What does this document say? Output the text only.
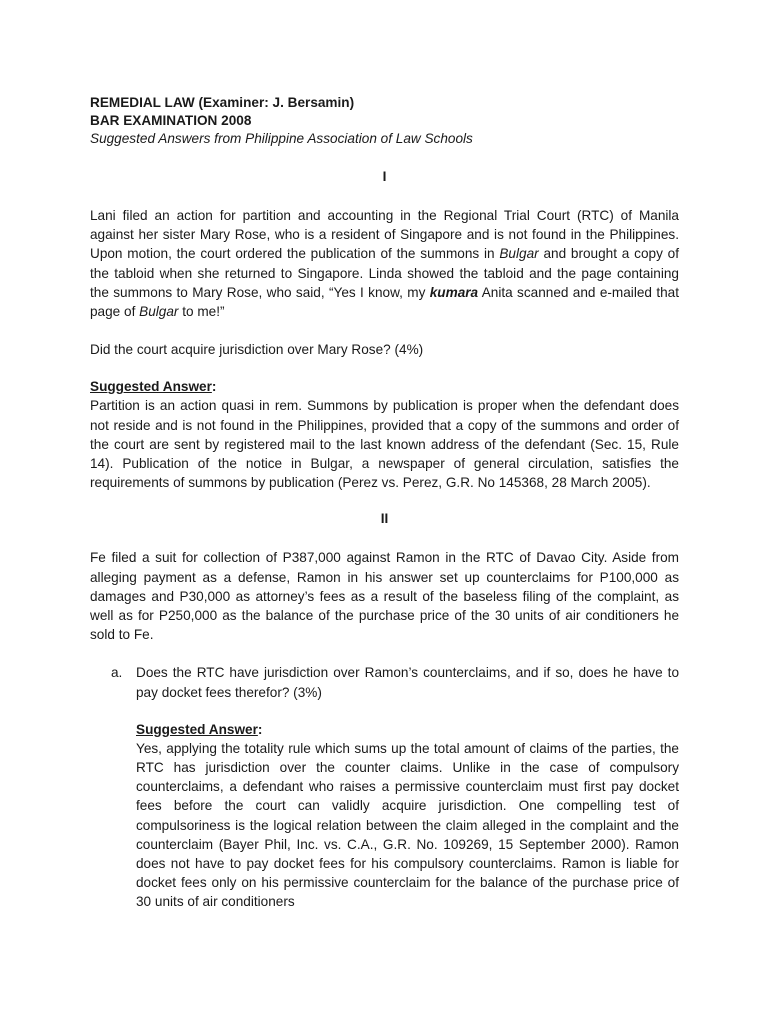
REMEDIAL LAW (Examiner: J. Bersamin)
BAR EXAMINATION 2008
Suggested Answers from Philippine Association of Law Schools
I
Lani filed an action for partition and accounting in the Regional Trial Court (RTC) of Manila against her sister Mary Rose, who is a resident of Singapore and is not found in the Philippines. Upon motion, the court ordered the publication of the summons in Bulgar and brought a copy of the tabloid when she returned to Singapore. Linda showed the tabloid and the page containing the summons to Mary Rose, who said, “Yes I know, my kumara Anita scanned and e-mailed that page of Bulgar to me!”
Did the court acquire jurisdiction over Mary Rose? (4%)
Suggested Answer:
Partition is an action quasi in rem. Summons by publication is proper when the defendant does not reside and is not found in the Philippines, provided that a copy of the summons and order of the court are sent by registered mail to the last known address of the defendant (Sec. 15, Rule 14). Publication of the notice in Bulgar, a newspaper of general circulation, satisfies the requirements of summons by publication (Perez vs. Perez, G.R. No 145368, 28 March 2005).
II
Fe filed a suit for collection of P387,000 against Ramon in the RTC of Davao City. Aside from alleging payment as a defense, Ramon in his answer set up counterclaims for P100,000 as damages and P30,000 as attorney’s fees as a result of the baseless filing of the complaint, as well as for P250,000 as the balance of the purchase price of the 30 units of air conditioners he sold to Fe.
a. Does the RTC have jurisdiction over Ramon’s counterclaims, and if so, does he have to pay docket fees therefor? (3%)
Suggested Answer:
Yes, applying the totality rule which sums up the total amount of claims of the parties, the RTC has jurisdiction over the counter claims. Unlike in the case of compulsory counterclaims, a defendant who raises a permissive counterclaim must first pay docket fees before the court can validly acquire jurisdiction. One compelling test of compulsoriness is the logical relation between the claim alleged in the complaint and the counterclaim (Bayer Phil, Inc. vs. C.A., G.R. No. 109269, 15 September 2000). Ramon does not have to pay docket fees for his compulsory counterclaims. Ramon is liable for docket fees only on his permissive counterclaim for the balance of the purchase price of 30 units of air conditioners
